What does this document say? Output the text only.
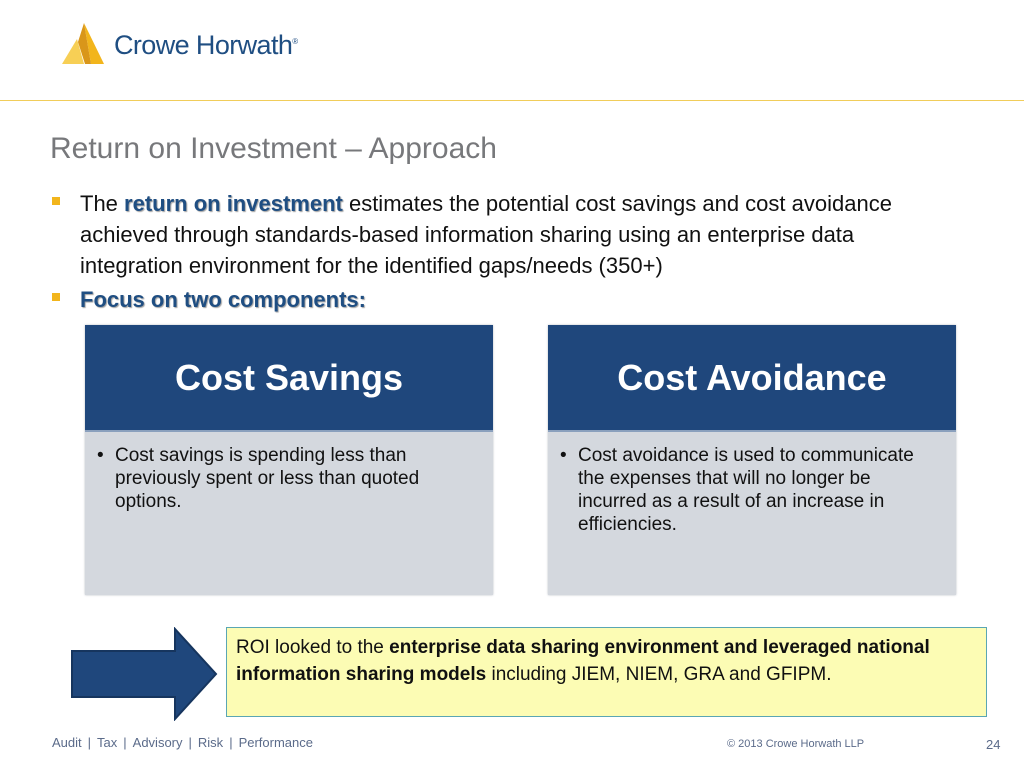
Crowe Horwath®
Return on Investment – Approach
The return on investment estimates the potential cost savings and cost avoidance achieved through standards-based information sharing using an enterprise data integration environment for the identified gaps/needs (350+)
Focus on two components:
Cost Savings
• Cost savings is spending less than previously spent or less than quoted options.
Cost Avoidance
• Cost avoidance is used to communicate the expenses that will no longer be incurred as a result of an increase in efficiencies.
ROI looked to the enterprise data sharing environment and leveraged national information sharing models including JIEM, NIEM, GRA and GFIPM.
Audit | Tax | Advisory | Risk | Performance	© 2013 Crowe Horwath LLP	24
